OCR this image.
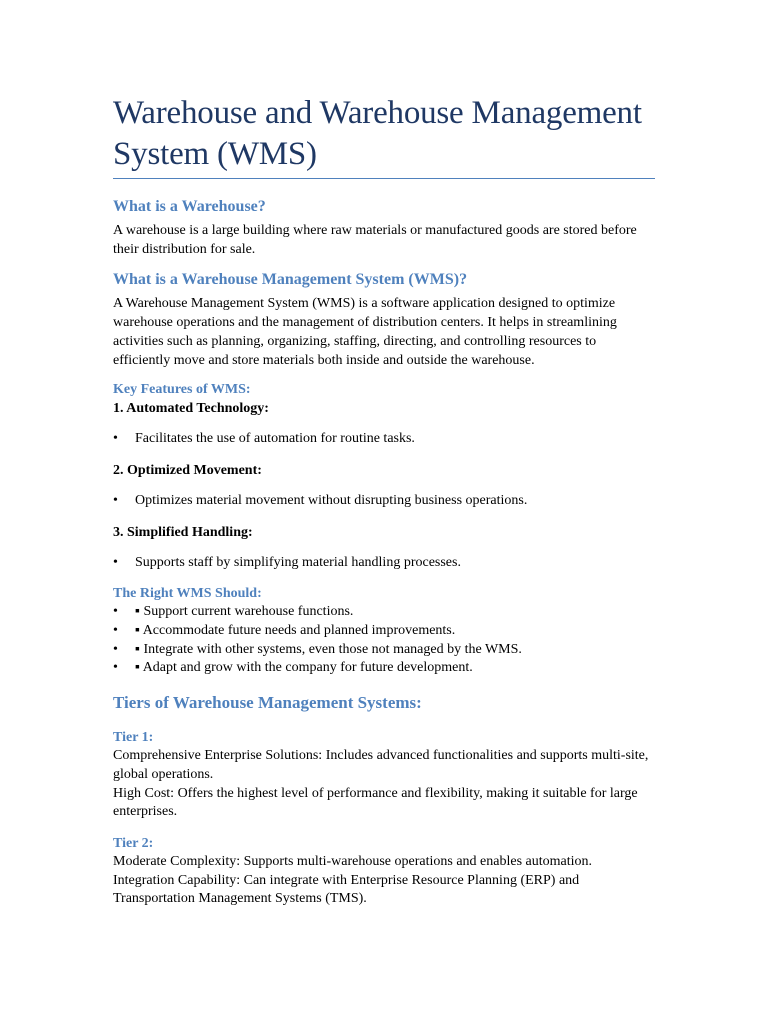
Warehouse and Warehouse Management System (WMS)
What is a Warehouse?

A warehouse is a large building where raw materials or manufactured goods are stored before their distribution for sale.

What is a Warehouse Management System (WMS)?

A Warehouse Management System (WMS) is a software application designed to optimize warehouse operations and the management of distribution centers. It helps in streamlining activities such as planning, organizing, staffing, directing, and controlling resources to efficiently move and store materials both inside and outside the warehouse.

Key Features of WMS:
1. Automated Technology:
• Facilitates the use of automation for routine tasks.
2. Optimized Movement:
• Optimizes material movement without disrupting business operations.
3. Simplified Handling:
• Supports staff by simplifying material handling processes.
The Right WMS Should:
• ▪ Support current warehouse functions.
• ▪ Accommodate future needs and planned improvements.
• ▪ Integrate with other systems, even those not managed by the WMS.
• ▪ Adapt and grow with the company for future development.
Tiers of Warehouse Management Systems:
Tier 1:

Comprehensive Enterprise Solutions: Includes advanced functionalities and supports multi-site, global operations.

High Cost: Offers the highest level of performance and flexibility, making it suitable for large enterprises.

Tier 2:

Moderate Complexity: Supports multi-warehouse operations and enables automation.

Integration Capability: Can integrate with Enterprise Resource Planning (ERP) and Transportation Management Systems (TMS).
